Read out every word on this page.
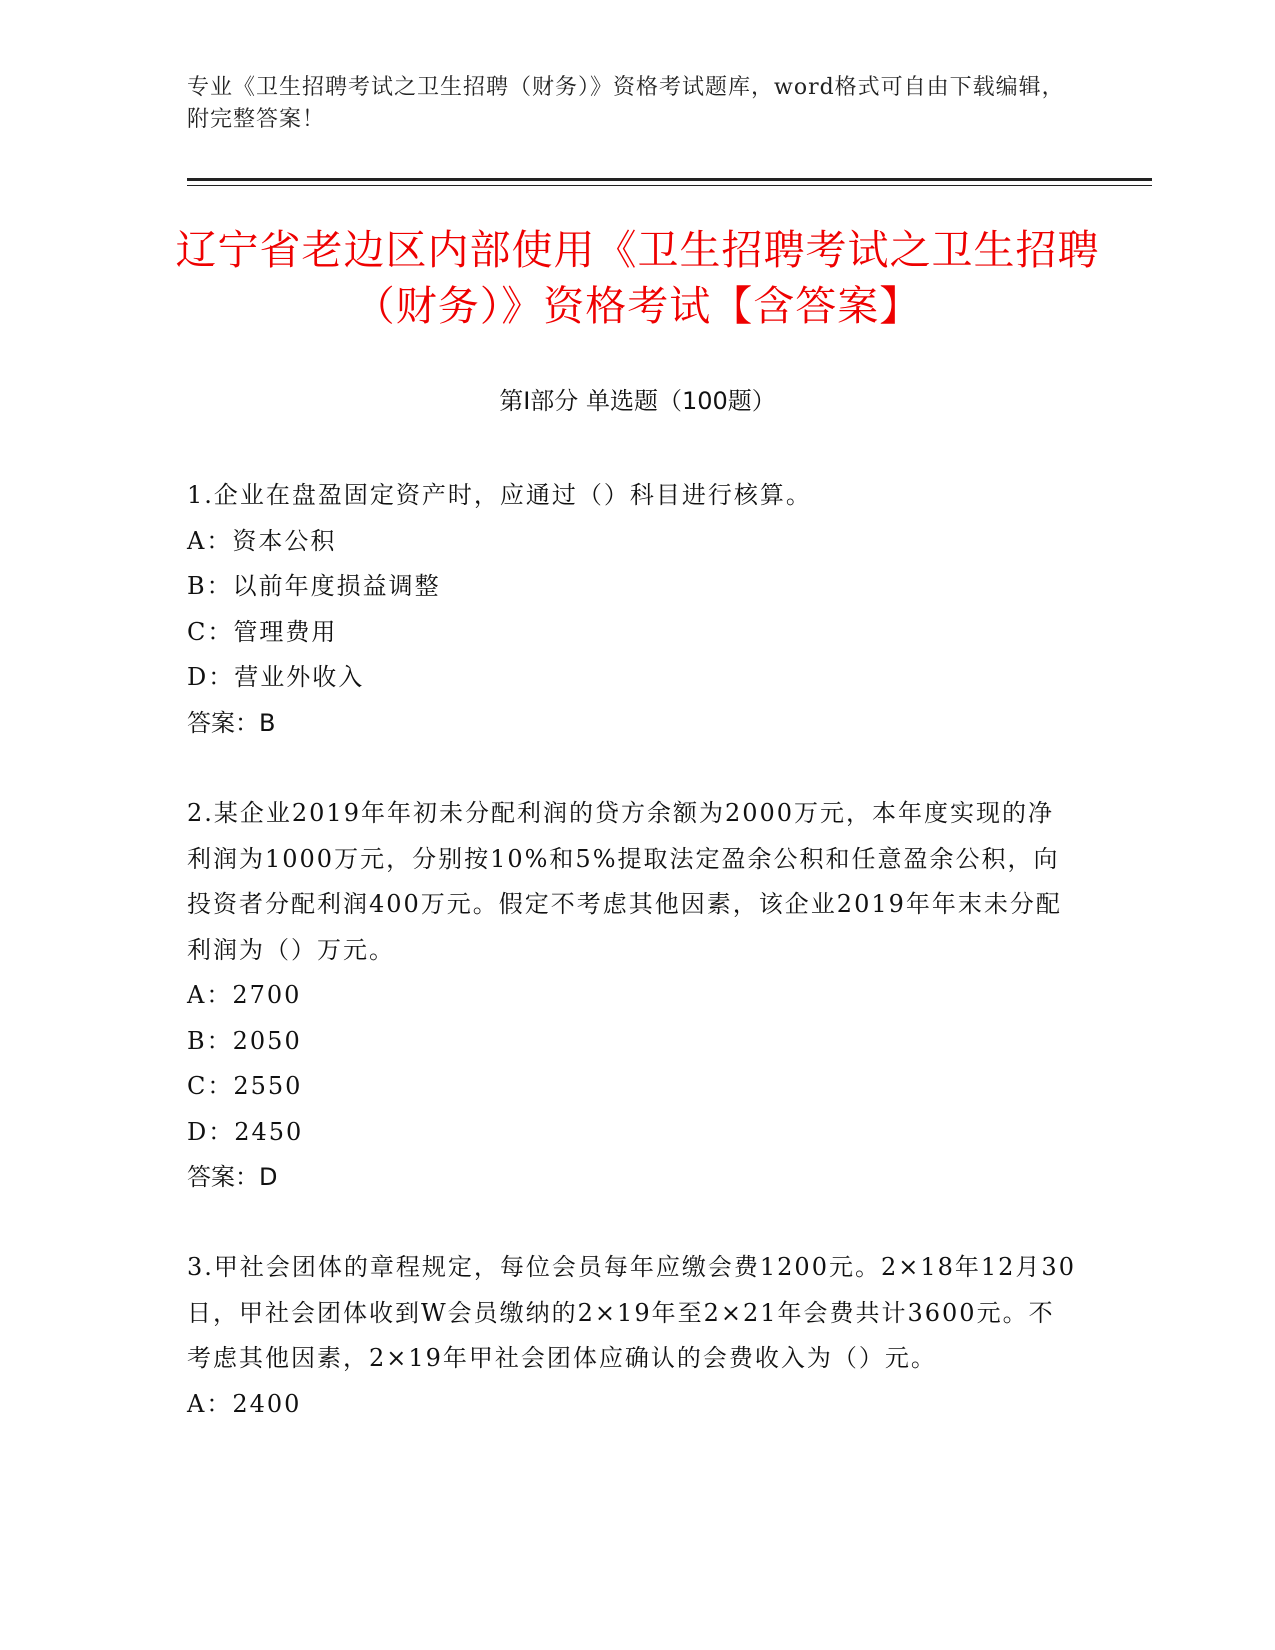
专业《卫生招聘考试之卫生招聘（财务）》资格考试题库，word格式可自由下载编辑，附完整答案！
辽宁省老边区内部使用《卫生招聘考试之卫生招聘（财务）》资格考试【含答案】
第I部分 单选题（100题）

1.企业在盘盈固定资产时，应通过（）科目进行核算。

A：资本公积

B：以前年度损益调整

C：管理费用

D：营业外收入

答案：B

2.某企业2019年年初未分配利润的贷方余额为2000万元，本年度实现的净利润为1000万元，分别按10%和5%提取法定盈余公积和任意盈余公积，向投资者分配利润400万元。假定不考虑其他因素，该企业2019年年末未分配利润为（）万元。

A：2700

B：2050

C：2550

D：2450

答案：D

3.甲社会团体的章程规定，每位会员每年应缴会费1200元。2×18年12月30日，甲社会团体收到W会员缴纳的2×19年至2×21年会费共计3600元。不考虑其他因素，2×19年甲社会团体应确认的会费收入为（）元。

A：2400
